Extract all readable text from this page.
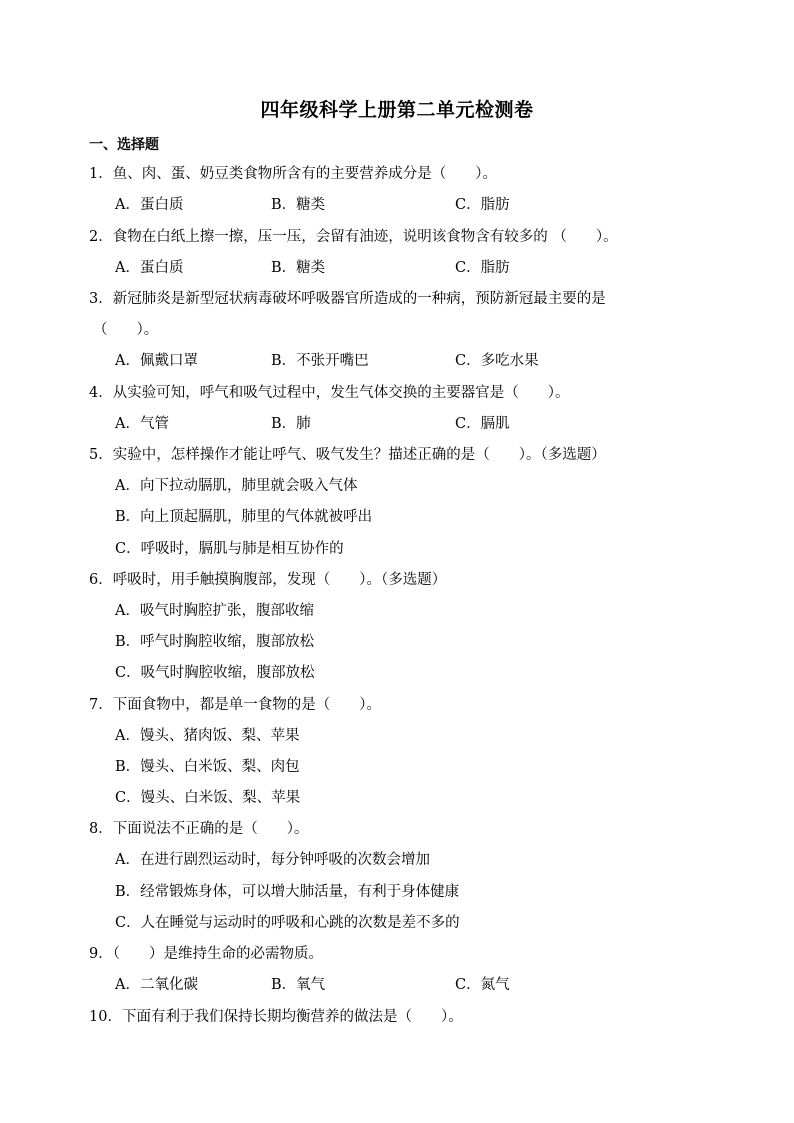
四年级科学上册第二单元检测卷
一、选择题
1．鱼、肉、蛋、奶豆类食物所含有的主要营养成分是（　　）。
A．蛋白质	B．糖类	C．脂肪
2．食物在白纸上擦一擦，压一压，会留有油迹，说明该食物含有较多的 （　　）。
A．蛋白质	B．糖类	C．脂肪
3．新冠肺炎是新型冠状病毒破坏呼吸器官所造成的一种病，预防新冠最主要的是
（　　）。
A．佩戴口罩	B．不张开嘴巴	C．多吃水果
4．从实验可知，呼气和吸气过程中，发生气体交换的主要器官是（　　）。
A．气管	B．肺	C．膈肌
5．实验中，怎样操作才能让呼气、吸气发生？描述正确的是（　　）。（多选题）
A．向下拉动膈肌，肺里就会吸入气体
B．向上顶起膈肌，肺里的气体就被呼出
C．呼吸时，膈肌与肺是相互协作的
6．呼吸时，用手触摸胸腹部，发现（　　）。（多选题）
A．吸气时胸腔扩张，腹部收缩
B．呼气时胸腔收缩，腹部放松
C．吸气时胸腔收缩，腹部放松
7．下面食物中，都是单一食物的是（　　）。
A．馒头、猪肉饭、梨、苹果
B．馒头、白米饭、梨、肉包
C．馒头、白米饭、梨、苹果
8．下面说法不正确的是（　　）。
A．在进行剧烈运动时，每分钟呼吸的次数会增加
B．经常锻炼身体，可以增大肺活量，有利于身体健康
C．人在睡觉与运动时的呼吸和心跳的次数是差不多的
9．（　　）是维持生命的必需物质。
A．二氧化碳	B．氧气	C．氮气
10．下面有利于我们保持长期均衡营养的做法是（　　）。
